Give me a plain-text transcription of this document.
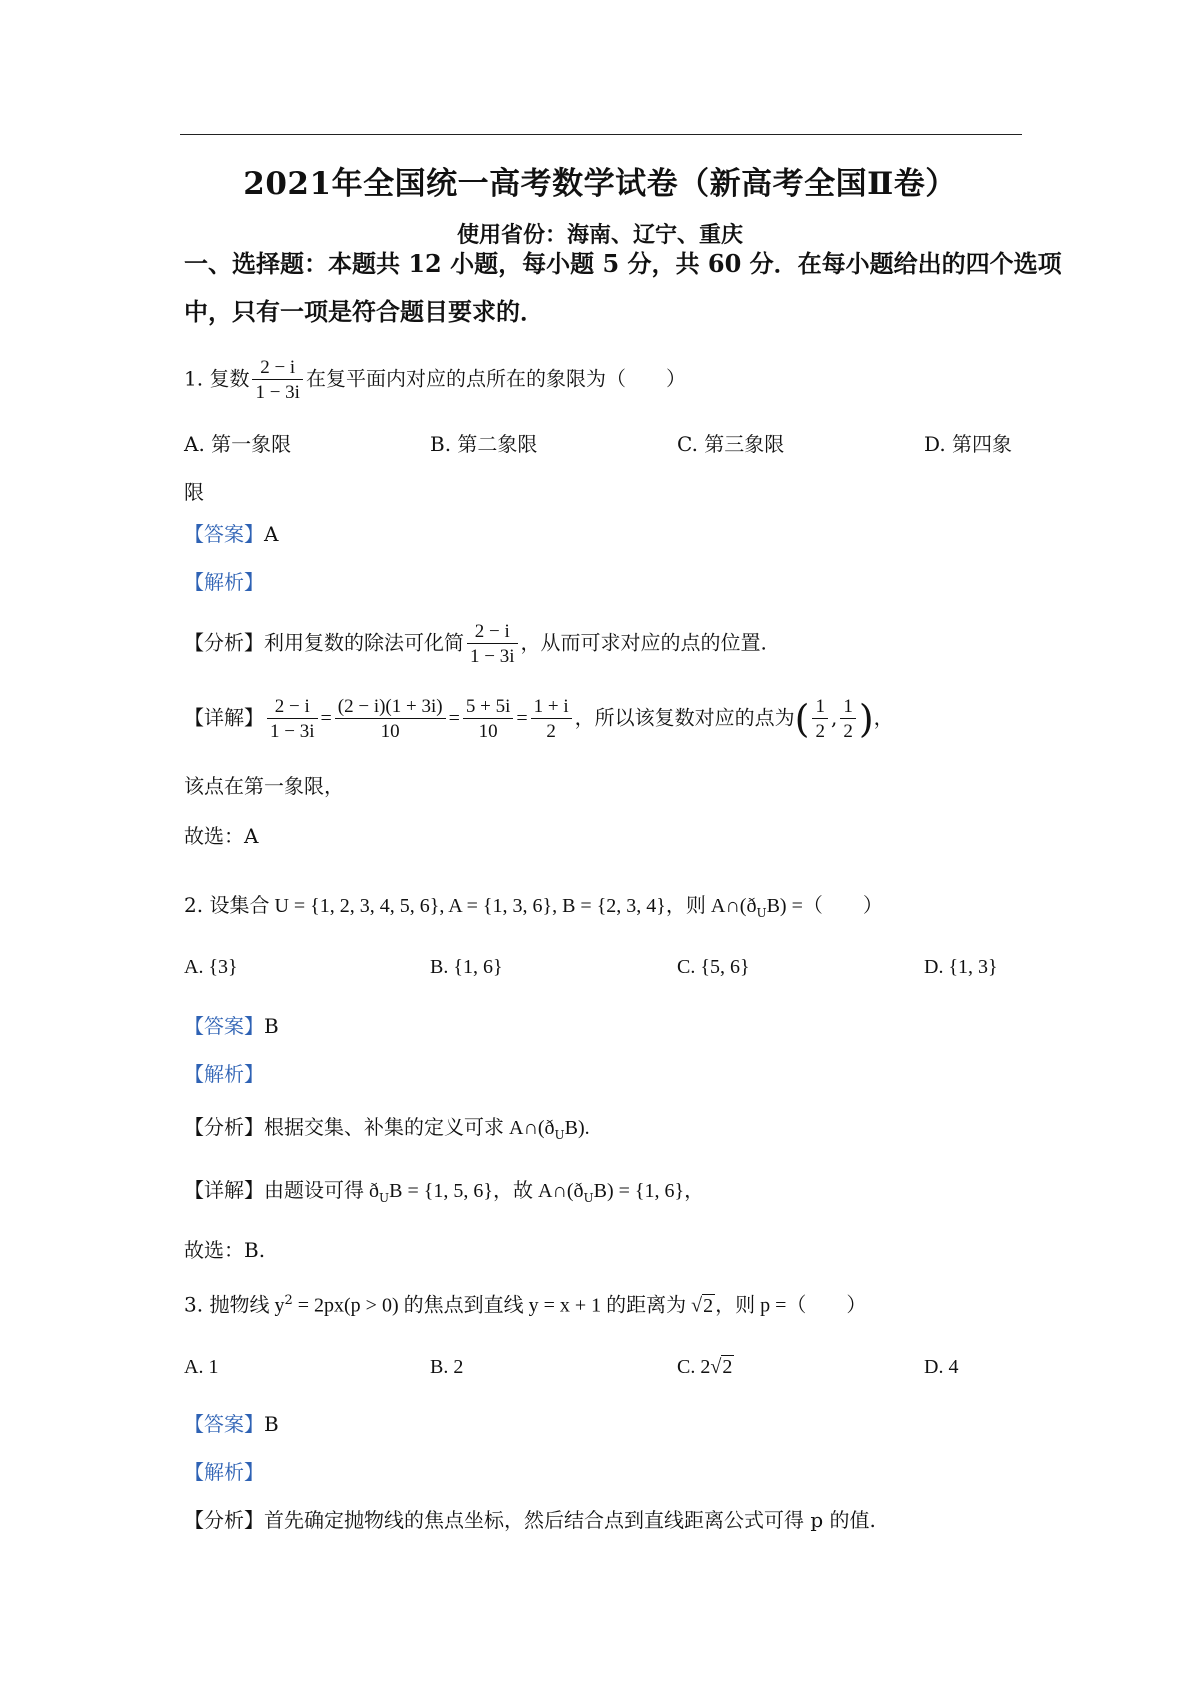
2021年全国统一高考数学试卷（新高考全国Ⅱ卷）
使用省份：海南、辽宁、重庆
一、选择题：本题共 12 小题，每小题 5 分，共 60 分．在每小题给出的四个选项
中，只有一项是符合题目要求的．
1. 复数 $\frac{2 - i}{1 - 3i}$ 在复平面内对应的点所在的象限为（　　）
A. 第一象限	B. 第二象限	C. 第三象限	D. 第四象
限
【答案】A
【解析】
【分析】利用复数的除法可化简 $\frac{2 - i}{1 - 3i}$ ，从而可求对应的点的位置.
【详解】 $\frac{2 - i}{1 - 3i} = \frac{(2 - i)(1 + 3i)}{10} = \frac{5 + 5i}{10} = \frac{1 + i}{2}$ ，所以该复数对应的点为( $\frac{1}{2}$ , $\frac{1}{2}$ )，
该点在第一象限，
故选：A
2. 设集合 U = {1, 2, 3, 4, 5, 6}, A = {1, 3, 6}, B = {2, 3, 4}，则 $A\cap(ð_UB)$ =（　　）
A. {3}	B. {1, 6}	C. {5, 6}	D. {1, 3}
【答案】B
【解析】
【分析】根据交集、补集的定义可求 $A\cap(ð_UB)$.
【详解】由题设可得 $ð_UB = \{1$, 5, 6}，故 $A\cap(ð_UB) = \{1$, 6}，
故选：B.
3. 抛物线 $y^2 = 2px(p > 0)$ 的焦点到直线 y = x + 1 的距离为 √2 ，则 p =（　　）
A. 1	B. 2	C. 2√2	D. 4
【答案】B
【解析】
【分析】首先确定抛物线的焦点坐标，然后结合点到直线距离公式可得 p 的值.
